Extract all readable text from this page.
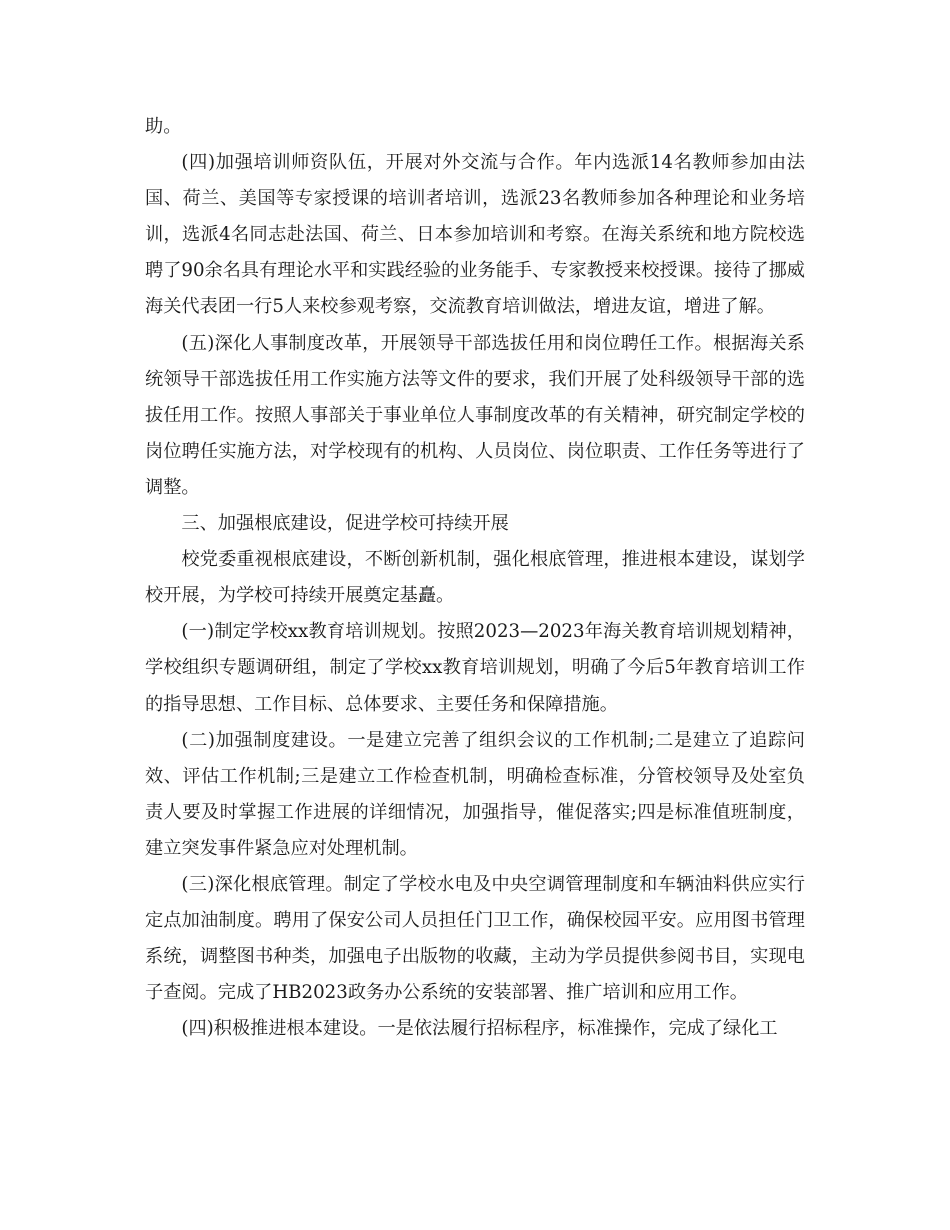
助。

(四)加强培训师资队伍，开展对外交流与合作。年内选派14名教师参加由法国、荷兰、美国等专家授课的培训者培训，选派23名教师参加各种理论和业务培训，选派4名同志赴法国、荷兰、日本参加培训和考察。在海关系统和地方院校选聘了90余名具有理论水平和实践经验的业务能手、专家教授来校授课。接待了挪威海关代表团一行5人来校参观考察，交流教育培训做法，增进友谊，增进了解。

(五)深化人事制度改革，开展领导干部选拔任用和岗位聘任工作。根据海关系统领导干部选拔任用工作实施方法等文件的要求，我们开展了处科级领导干部的选拔任用工作。按照人事部关于事业单位人事制度改革的有关精神，研究制定学校的岗位聘任实施方法，对学校现有的机构、人员岗位、岗位职责、工作任务等进行了调整。

三、加强根底建设，促进学校可持续开展

校党委重视根底建设，不断创新机制，强化根底管理，推进根本建设，谋划学校开展，为学校可持续开展奠定基矗。

(一)制定学校xx教育培训规划。按照2023—2023年海关教育培训规划精神，学校组织专题调研组，制定了学校xx教育培训规划，明确了今后5年教育培训工作的指导思想、工作目标、总体要求、主要任务和保障措施。

(二)加强制度建设。一是建立完善了组织会议的工作机制;二是建立了追踪问效、评估工作机制;三是建立工作检查机制，明确检查标准，分管校领导及处室负责人要及时掌握工作进展的详细情况，加强指导，催促落实;四是标准值班制度，建立突发事件紧急应对处理机制。

(三)深化根底管理。制定了学校水电及中央空调管理制度和车辆油料供应实行定点加油制度。聘用了保安公司人员担任门卫工作，确保校园平安。应用图书管理系统，调整图书种类，加强电子出版物的收藏，主动为学员提供参阅书目，实现电子查阅。完成了HB2023政务办公系统的安装部署、推广培训和应用工作。

(四)积极推进根本建设。一是依法履行招标程序，标准操作，完成了绿化工
